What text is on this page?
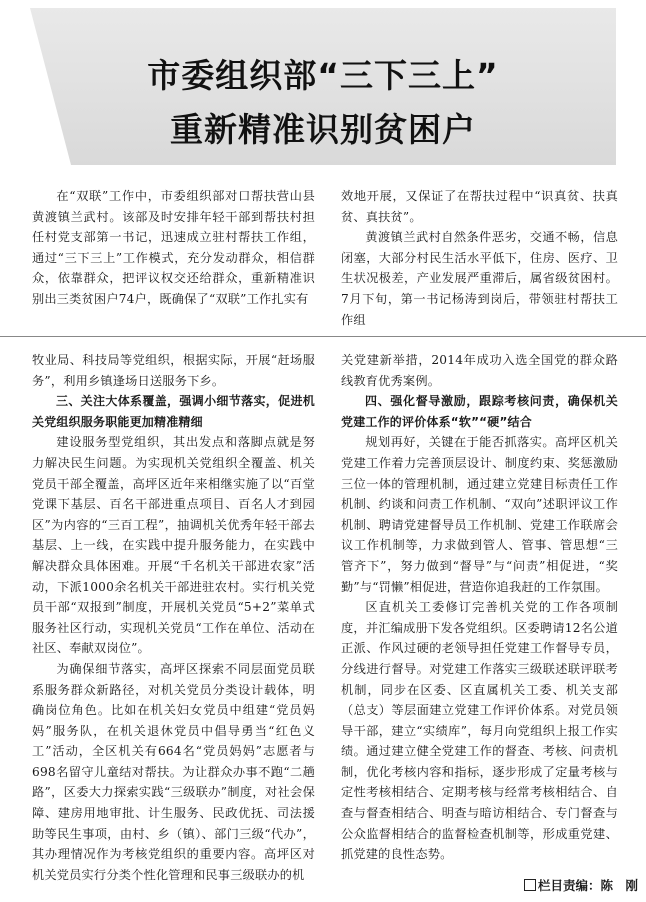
市委组织部“三下三上”
重新精准识别贫困户

在“双联”工作中，市委组织部对口帮扶营山县黄渡镇兰武村。该部及时安排年轻干部到帮扶村担任村党支部第一书记，迅速成立驻村帮扶工作组，通过“三下三上”工作模式，充分发动群众，相信群众，依靠群众，把评议权交还给群众，重新精准识别出三类贫困户74户，既确保了“双联”工作扎实有

效地开展，又保证了在帮扶过程中“识真贫、扶真贫、真扶贫”。

黄渡镇兰武村自然条件恶劣，交通不畅，信息闭塞，大部分村民生活水平低下，住房、医疗、卫生状况极差，产业发展严重滞后，属省级贫困村。7月下旬，第一书记杨涛到岗后，带领驻村帮扶工作组

牧业局、科技局等党组织，根据实际，开展“赶场服务”，利用乡镇逢场日送服务下乡。

三、关注大体系覆盖，强调小细节落实，促进机关党组织服务职能更加精准精细

建设服务型党组织，其出发点和落脚点就是努力解决民生问题。为实现机关党组织全覆盖、机关党员干部全覆盖，高坪区近年来相继实施了以“百堂党课下基层、百名干部进重点项目、百名人才到园区”为内容的“三百工程”，抽调机关优秀年轻干部去基层、上一线，在实践中提升服务能力，在实践中解决群众具体困难。开展“千名机关干部进农家”活动，下派1000余名机关干部进驻农村。实行机关党员干部“双报到”制度，开展机关党员“5+2”菜单式服务社区行动，实现机关党员“工作在单位、活动在社区、奉献双岗位”。

为确保细节落实，高坪区探索不同层面党员联系服务群众新路径，对机关党员分类设计载体，明确岗位角色。比如在机关妇女党员中组建“党员妈妈”服务队，在机关退休党员中倡导勇当“红色义工”活动，全区机关有664名“党员妈妈”志愿者与698名留守儿童结对帮扶。为让群众办事不跑“二趟路”，区委大力探索实践“三级联办”制度，对社会保障、建房用地审批、计生服务、民政优抚、司法援助等民生事项，由村、乡（镇）、部门三级“代办”，其办理情况作为考核党组织的重要内容。高坪区对机关党员实行分类个性化管理和民事三级联办的机

关党建新举措，2014年成功入选全国党的群众路线教育优秀案例。

四、强化督导激励，跟踪考核问责，确保机关党建工作的评价体系“软”“硬”结合

规划再好，关键在于能否抓落实。高坪区机关党建工作着力完善顶层设计、制度约束、奖惩激励三位一体的管理机制，通过建立党建目标责任工作机制、约谈和问责工作机制、“双向”述职评议工作机制、聘请党建督导员工作机制、党建工作联席会议工作机制等，力求做到管人、管事、管思想“三管齐下”，努力做到“督导”与“问责”相促进，“奖勤”与“罚懒”相促进，营造你追我赶的工作氛围。

区直机关工委修订完善机关党的工作各项制度，并汇编成册下发各党组织。区委聘请12名公道正派、作风过硬的老领导担任党建工作督导专员，分线进行督导。对党建工作落实三级联述联评联考机制，同步在区委、区直属机关工委、机关支部（总支）等层面建立党建工作评价体系。对党员领导干部，建立“实绩库”，每月向党组织上报工作实绩。通过建立健全党建工作的督查、考核、问责机制，优化考核内容和指标，逐步形成了定量考核与定性考核相结合、定期考核与经常考核相结合、自查与督查相结合、明查与暗访相结合、专门督查与公众监督相结合的监督检查机制等，形成重党建、抓党建的良性态势。

栏目责编：陈　刚
